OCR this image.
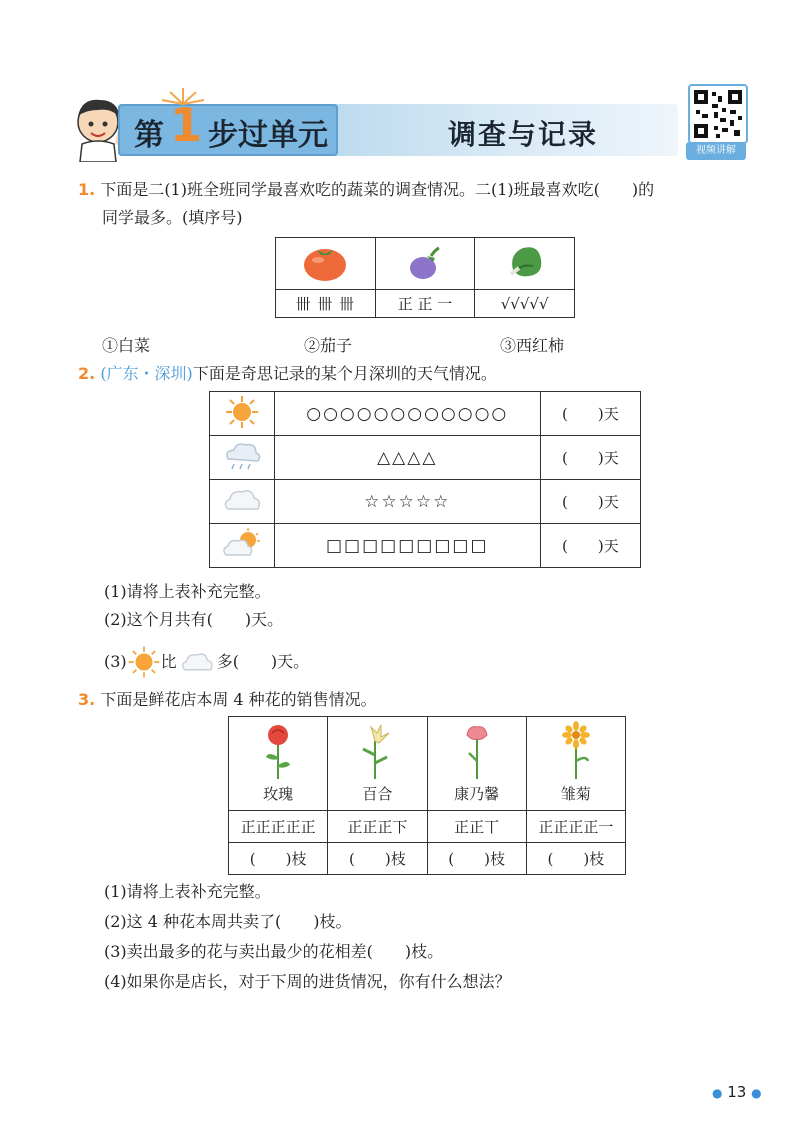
第 1 步过单元	调查与记录	视频讲解
1. 下面是二(1)班全班同学最喜欢吃的蔬菜的调查情况。二(1)班最喜欢吃(　　)的
同学最多。(填序号)

卌 卌 卌	正 正 一	√√√√√
①白菜	②茄子	③西红柿
2. (广东・深圳)下面是奇思记录的某个月深圳的天气情况。
	○○○○○○○○○○○○	(　　)天
	△△△△	(　　)天
	☆☆☆☆☆	(　　)天
	□□□□□□□□□	(　　)天
(1)请将上表补充完整。
(2)这个月共有(　　)天。
(3) 比	多(　　)天。
3. 下面是鲜花店本周 4 种花的销售情况。
玫瑰	百合	康乃馨	雏菊

正正正正正	正正正下	正正丅	正正正正一
(　　)枝	(　　)枝	(　　)枝	(　　)枝
(1)请将上表补充完整。
(2)这 4 种花本周共卖了(　　)枝。
(3)卖出最多的花与卖出最少的花相差(　　)枝。
(4)如果你是店长，对于下周的进货情况，你有什么想法？
● 13 ●
